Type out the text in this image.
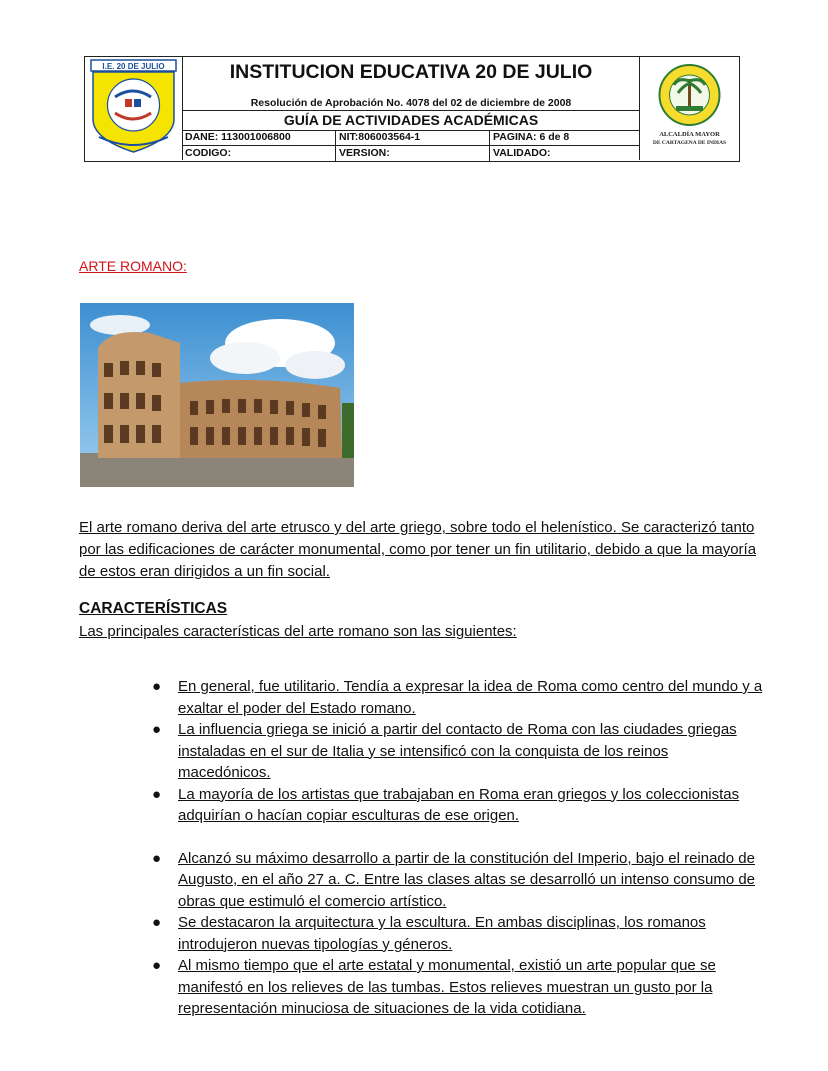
I.E. 20 DE JULIO	INSTITUCION EDUCATIVA 20 DE JULIO
Resolución de Aprobación No. 4078 del 02 de diciembre de 2008
GUÍA DE ACTIVIDADES ACADÉMICAS
DANE: 113001006800	NIT:806003564-1	PAGINA: 6 de 8
CODIGO:	VERSION:	VALIDADO:
ALCALDÍA MAYOR
DE CARTAGENA DE INDIAS
ARTE ROMANO:
El arte romano deriva del arte etrusco y del arte griego, sobre todo el helenístico. Se caracterizó tanto por las edificaciones de carácter monumental, como por tener un fin utilitario, debido a que la mayoría de estos eran dirigidos a un fin social.
CARACTERÍSTICAS
Las principales características del arte romano son las siguientes:
● En general, fue utilitario. Tendía a expresar la idea de Roma como centro del mundo y a exaltar el poder del Estado romano.
● La influencia griega se inició a partir del contacto de Roma con las ciudades griegas instaladas en el sur de Italia y se intensificó con la conquista de los reinos macedónicos.
● La mayoría de los artistas que trabajaban en Roma eran griegos y los coleccionistas adquirían o hacían copiar esculturas de ese origen.
● Alcanzó su máximo desarrollo a partir de la constitución del Imperio, bajo el reinado de Augusto, en el año 27 a. C. Entre las clases altas se desarrolló un intenso consumo de obras que estimuló el comercio artístico.
● Se destacaron la arquitectura y la escultura. En ambas disciplinas, los romanos introdujeron nuevas tipologías y géneros.
● Al mismo tiempo que el arte estatal y monumental, existió un arte popular que se manifestó en los relieves de las tumbas. Estos relieves muestran un gusto por la representación minuciosa de situaciones de la vida cotidiana.
